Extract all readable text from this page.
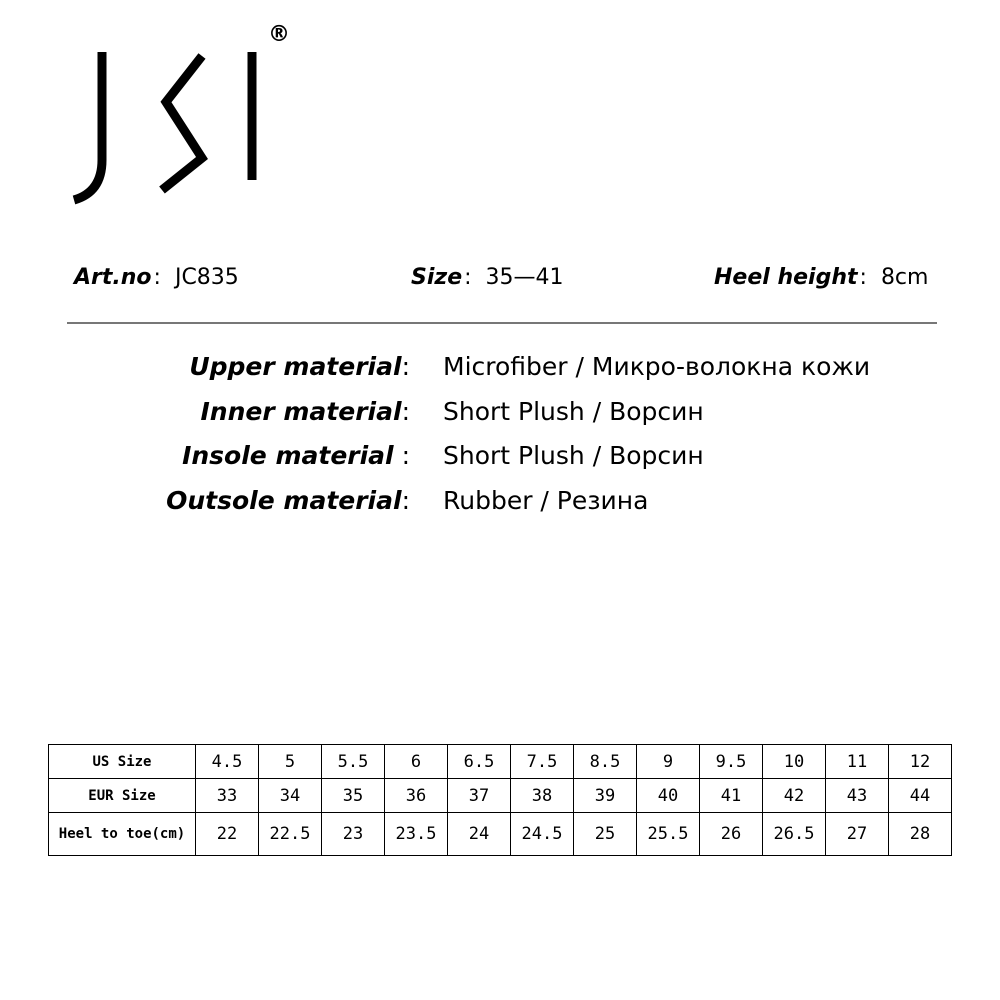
®
Art.no: JC835	Size: 35—41	Heel height: 8cm
Upper material: Microfiber / Микро-волокна кожи
Inner material: Short Plush / Ворсин
Insole material : Short Plush / Ворсин
Outsole material: Rubber / Резина
US Size	4.5	5	5.5	6	6.5	7.5	8.5	9	9.5	10	11	12
EUR Size	33	34	35	36	37	38	39	40	41	42	43	44
Heel to toe(cm)	22	22.5	23	23.5	24	24.5	25	25.5	26	26.5	27	28
